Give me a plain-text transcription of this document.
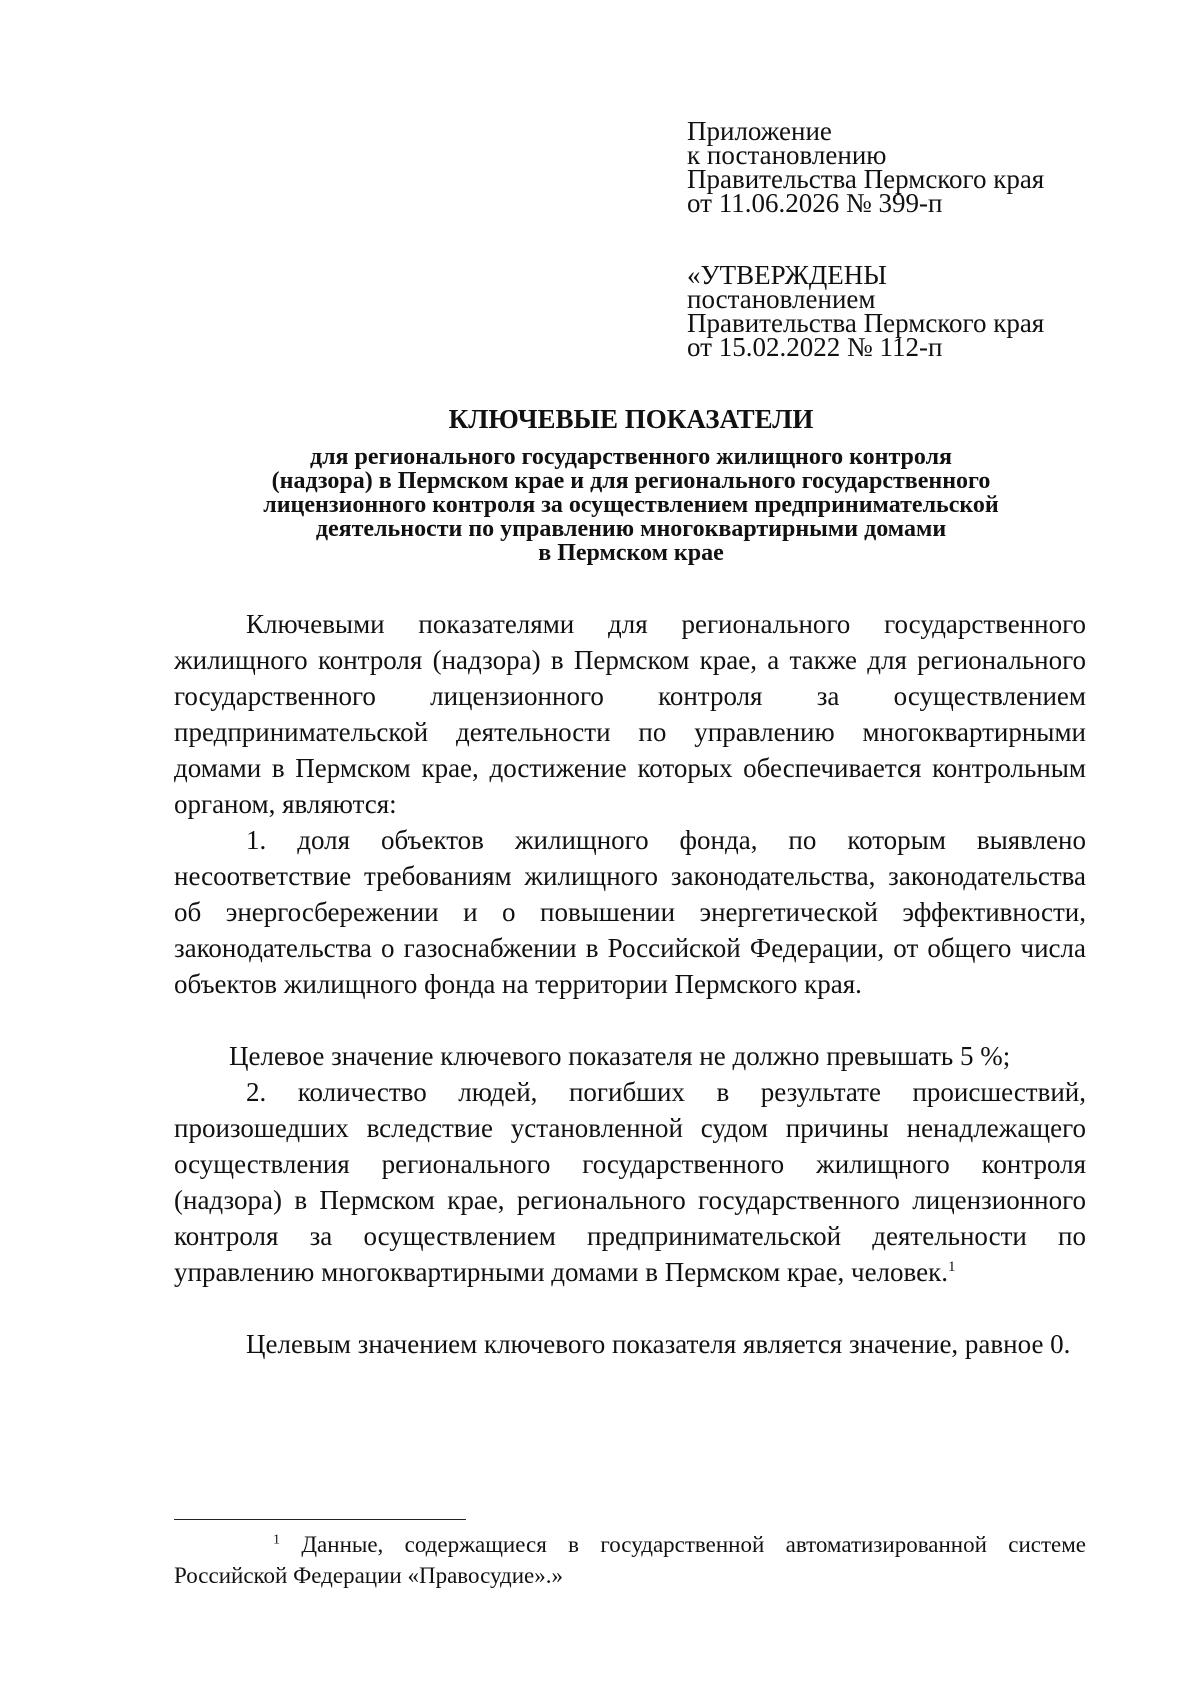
Приложение
к постановлению
Правительства Пермского края
от 11.06.2026 № 399-п
«УТВЕРЖДЕНЫ
постановлением
Правительства Пермского края
от 15.02.2022 № 112-п
КЛЮЧЕВЫЕ ПОКАЗАТЕЛИ
для регионального государственного жилищного контроля
(надзора) в Пермском крае и для регионального государственного
лицензионного контроля за осуществлением предпринимательской
деятельности по управлению многоквартирными домами
в Пермском крае

Ключевыми показателями для регионального государственного жилищного контроля (надзора) в Пермском крае, а также для регионального государственного лицензионного контроля за осуществлением предпринимательской деятельности по управлению многоквартирными домами в Пермском крае, достижение которых обеспечивается контрольным органом, являются:

1. доля объектов жилищного фонда, по которым выявлено несоответствие требованиям жилищного законодательства, законодательства об энергосбережении и о повышении энергетической эффективности, законодательства о газоснабжении в Российской Федерации, от общего числа объектов жилищного фонда на территории Пермского края.

Целевое значение ключевого показателя не должно превышать 5 %;

2. количество людей, погибших в результате происшествий, произошедших вследствие установленной судом причины ненадлежащего осуществления регионального государственного жилищного контроля (надзора) в Пермском крае, регионального государственного лицензионного контроля за осуществлением предпринимательской деятельности по управлению многоквартирными домами в Пермском крае, человек.$^1$

Целевым значением ключевого показателя является значение, равное 0.

$^1$ Данные, содержащиеся в государственной автоматизированной системе Российской Федерации «Правосудие».»
